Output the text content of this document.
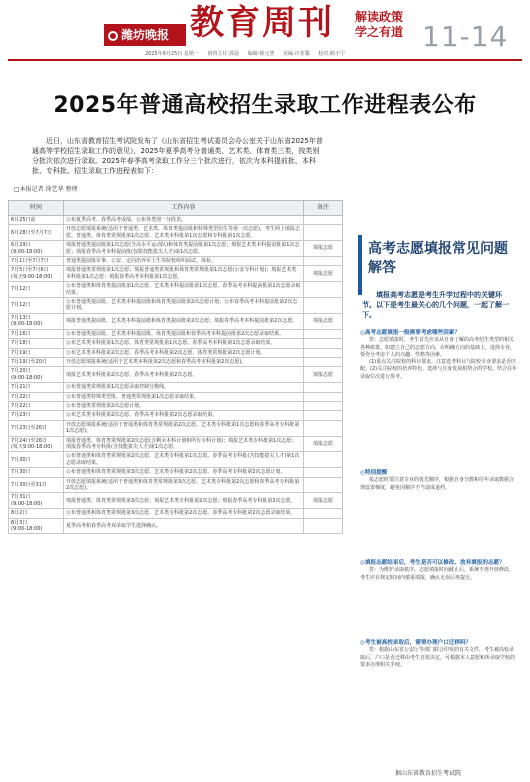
潍坊晚报 教育周刊 解读政策 学之有道 11-14
2025年6月25日 星期一 值班主任:郭晨 编辑:韩元慧 美编:许茗耀 校对:鸥小宁
2025年普通高校招生录取工作进程表公布
近日，山东省教育招生考试院发布了《山东省招生考试委员会办公室关于山东省2025年普通高等学校招生录取工作的意见》，2025年夏季高考分普通类、艺术类、体育类三类，按类别分批次依次进行录取。2025年春季高考录取工作分三个批次进行，依次为本科提前批、本科批、专科批。招生录取工作进程表如下：
□本报记者 徐艺华 整理
时间	工作内容	备注
6月25日前	公布夏季高考、春季高考成绩，公布各类别一分段表。	
6月28日至7月7日	开放志愿填报系统(适用于普通类、艺术类、体育类提前批和特殊类型招生等第一次志愿)，考生网上填报志愿。普通类、体育类常规批第1次志愿，艺术类本科批第1次志愿和专科批第1次志愿。	
6月29日
(9:00-18:00)	填报普通类提前批第1次志愿(含高水平运动队)和体育类提前批第1次志愿；填报艺术类本科提前批第1次志愿；填报春季高考本科提前批(仅限技能拔尖人才)第1次志愿。	填报志愿
7月1日至7月7日	普通类提前批军事、公安、定向培养军士生等院校组织面试、体检。	
7月5日至7月6日
(每天9:00-18:00)	填报普通类常规批第1次志愿；填报普通类常规批和体育类常规批第1次志愿(公安专科计划)；填报艺术类本科批第1次志愿；填报春季高考本科批第1次志愿。	填报志愿
7月12日	公布普通类和体育类提前批第1次志愿、艺术类本科提前批第1次志愿、春季高考本科提前批第1次志愿录取结果。	
7月12日	公布普通类提前批、艺术类本科提前批和体育类提前批第2次志愿计划；公布春季高考本科提前批第2次志愿计划。	
7月13日
(9:00-18:00)	填报普通类提前批、艺术类本科提前批和体育类提前批第2次志愿；填报春季高考本科提前批第2次志愿。	填报志愿
7月16日	公布普通类提前批、艺术类本科提前批、体育类提前批和春季高考本科提前批第2次志愿录取结果。	
7月18日	公布艺术类本科批第1次志愿、体育类常规批第1次志愿、春季高考本科批第1次志愿录取结果。	
7月19日	公布艺术类本科批第2次志愿、春季高考本科批第2次志愿、体育类常规批第2次志愿计划。	
7月19日至20日	开放志愿填报系统(适用于艺术类本科批第2次志愿和春季高考本科批第2次志愿)。	
7月20日
(9:00-18:00)	填报艺术类本科批第2次志愿、春季高考本科批第2次志愿。	填报志愿
7月21日	公布普通类常规批第1次志愿录取控制分数线。	
7月22日	公布普通类特殊类型批、普通类常规批第1次志愿录取结果。	
7月22日	公布普通类常规批第2次志愿计划。	
7月23日	公布艺术类本科批第2次志愿、春季高考本科批第2次志愿录取结果。	
7月23日至26日	开放志愿填报系统(适用于普通类和体育类常规批第2次志愿、艺术类专科批第1次志愿和春季高考专科批第1次志愿)。	
7月24日至26日
(每天9:00-18:00)	填报普通类、体育类常规批第2次志愿(含剩余本科计划和所有专科计划)；填报艺术类专科批第1次志愿；填报春季高考专科批(含技能拔尖人才)第1次志愿。	填报志愿
7月30日	公布普通类和体育类常规批第2次志愿、艺术类专科批第1次志愿、春季高考专科批(含技能拔尖人才)第1次志愿录取结果。	
7月30日	公布普通类和体育类常规批第3次志愿、艺术类专科批第2次志愿、春季高考专科批第2次志愿计划。	
7月30日至31日	开放志愿填报系统(适用于普通类和体育类常规批第3次志愿、艺术类专科批第2次志愿和春季高考专科批第2次志愿)。	
7月31日
(9:00-18:00)	填报普通类、体育类常规批第3次志愿；填报艺术类专科批第2次志愿；填报春季高考专科批第2次志愿。	填报志愿
8月2日	公布普通类和体育类常规批第3次志愿、艺术类专科批第2次志愿、春季高考专科批第2次志愿录取结果。	
8月3日
(9:00-18:00)	夏季高考和春季高考双录取学生选择确认。	
高考志愿填报常见问题解答
填报高考志愿是考生升学过程中的关键环节。以下是考生最关心的几个问题，一起了解一下。
◎高考志愿填报一般需要考虑哪些因素？

答：志愿填报时，考生首先应该从自身了解的高考招生类型的相关各种政策。如建立自己的志愿方向，在明确方向的基础上，选择专业，要充分考虑个人的兴趣、性格等因素。

(1)重点关注院校的科目要求，注意选考科目与院校专业要求是否匹配。(2)关注院校的培养特色，选择与自身发展相契合的学校，结合往年录取位次进行参考。

◎特别提醒

报志愿时要注意专业的优先顺序，根据自身分数和往年录取数据合理设置梯度，避免因顺序不当造成退档。

◎填报志愿结束后，考生是否可以修改、放弃填报的志愿？

答：为维护录取秩序，志愿填报时间截止后，系统不再开放修改，考生应在规定时间内慎重填报，确认无误后再提交。

◎考生被高校录取后，需要办理户口迁移吗？

答：根据山东省公安厅等部门联合印发的有关文件，考生被高校录取后，户口是否迁移由考生自愿决定，可根据本人意愿和所录取学校的要求办理相关手续。

据山东省教育招生考试院
